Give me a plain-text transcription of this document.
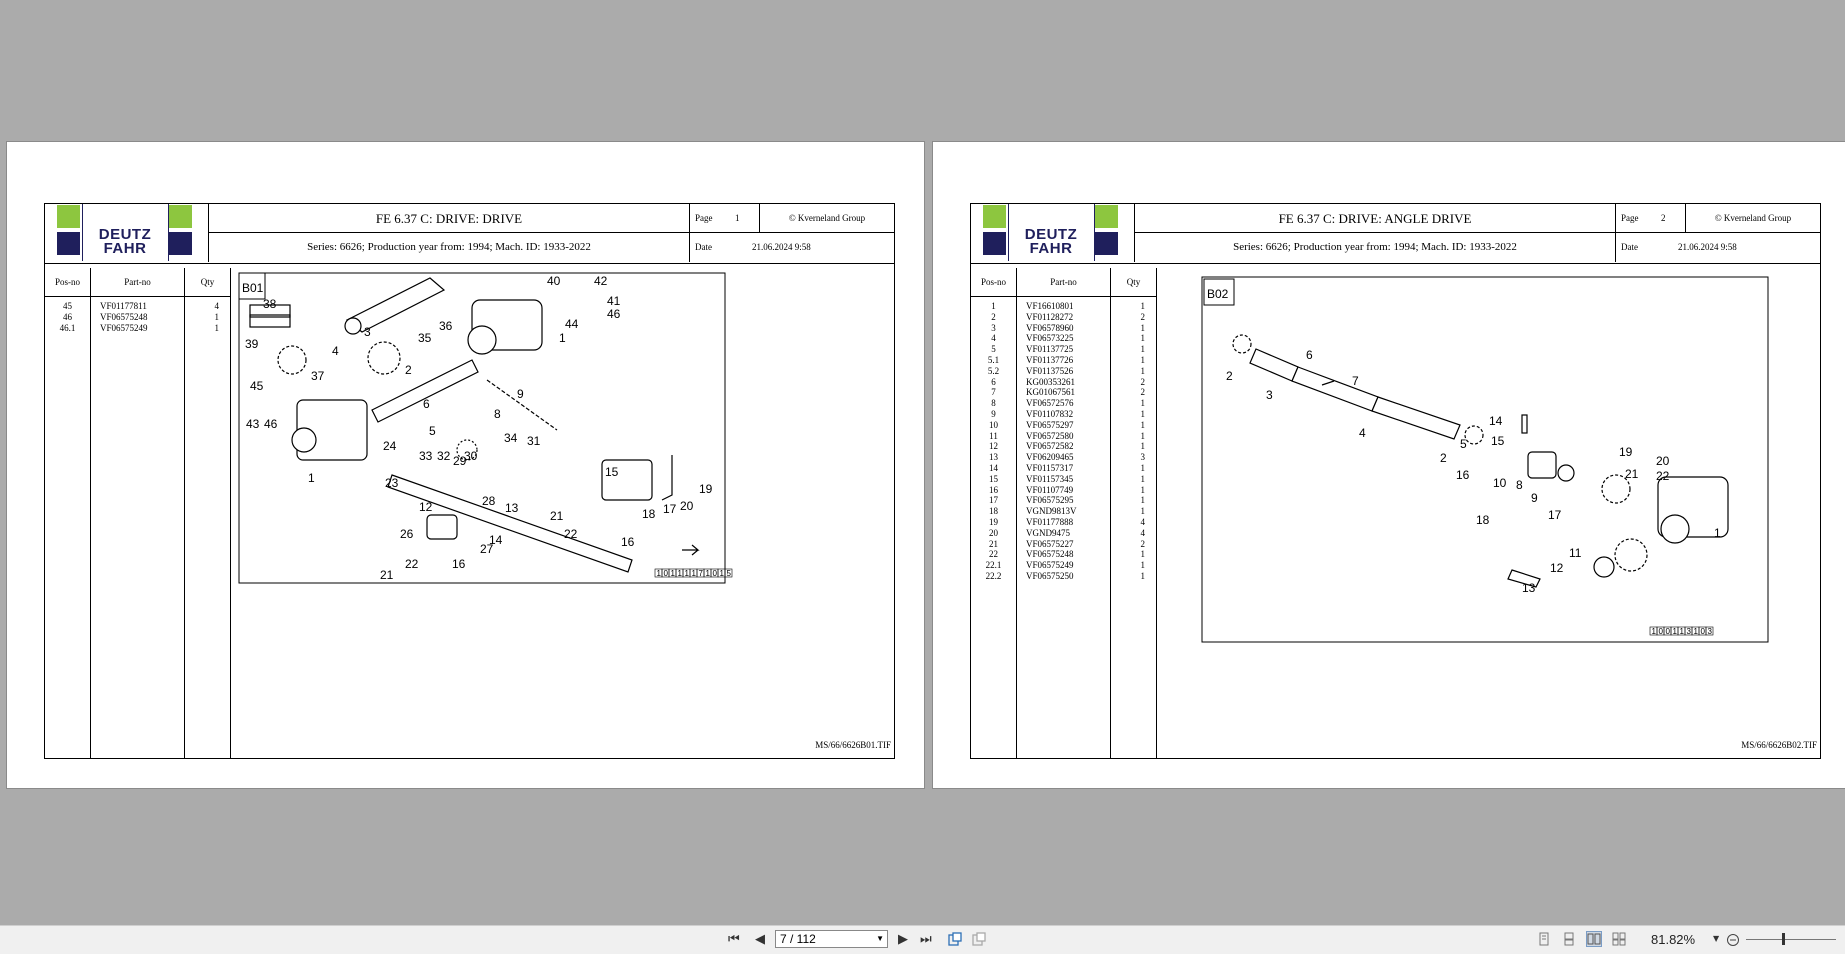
DEUTZ
FAHR
FE 6.37 C: DRIVE: DRIVE
Series: 6626; Production year from: 1994; Mach. ID: 1933-2022
Page	1	© Kverneland Group
Date	21.06.2024 9:58
Pos-no	Part-no	Qty
45	VF01177811	4
46	VF06575248	1
46.1	VF06575249	1
MS/66/6626B01.TIF
B01
38
39	4
3
40	42
41
44
46
36
35	1
37
45
2
9
43 46
6
5
8
24	31
34
29
30
32
33
23
15
1
12	28 13
21
19
20
17
18
22
16
26
27
14
21
22	16
1 0 1 1 1 1 7 1 0 1 5
DEUTZ
FAHR
FE 6.37 C: DRIVE: ANGLE DRIVE
Series: 6626; Production year from: 1994; Mach. ID: 1933-2022
Page	2	© Kverneland Group
Date	21.06.2024 9:58
Pos-no	Part-no	Qty
1	VF16610801	1
2	VF01128272	2
3	VF06578960	1
4	VF06573225	1
5	VF01137725	1
5.1	VF01137726	1
5.2	VF01137526	1
6	KG00353261	2
7	KG01067561	2
8	VF06572576	1
9	VF01107832	1
10	VF06575297	1
11	VF06572580	1
12	VF06572582	1
13	VF06209465	3
14	VF01157317	1
15	VF01157345	1
16	VF01107749	1
17	VF06575295	1
18	VGND9813V	1
19	VF01177888	4
20	VGND9475	4
21	VF06575227	2
22	VF06575248	1
22.1	VF06575249	1
22.2	VF06575250	1
MS/66/6626B02.TIF
B02
6
2
3
7
4
14
15
5
2
16
10 8
9
18	17
19
20
21 22
11
12
13
1
1 0 0 1 1 3 1 0 3
⏮ ◀	7 / 112	▼ ▶ ⏭	81.82% ▼
